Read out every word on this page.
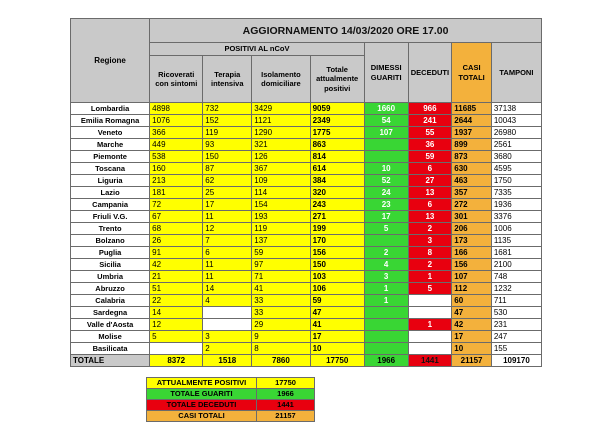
Regione	AGGIORNAMENTO 14/03/2020 ORE 17.00							
	POSITIVI AL nCoV				DIMESSI GUARITI	DECEDUTI	CASI TOTALI	TAMPONI
	Ricoverati con sintomi	Terapia intensiva	Isolamento domiciliare	Totale attualmente positivi				
Lombardia	4898	732	3429	9059	1660	966	11685	37138
Emilia Romagna	1076	152	1121	2349	54	241	2644	10043
Veneto	366	119	1290	1775	107	55	1937	26980
Marche	449	93	321	863		36	899	2561
Piemonte	538	150	126	814		59	873	3680
Toscana	160	87	367	614	10	6	630	4595
Liguria	213	62	109	384	52	27	463	1750
Lazio	181	25	114	320	24	13	357	7335
Campania	72	17	154	243	23	6	272	1936
Friuli V.G.	67	11	193	271	17	13	301	3376
Trento	68	12	119	199	5	2	206	1006
Bolzano	26	7	137	170		3	173	1135
Puglia	91	6	59	156	2	8	166	1681
Sicilia	42	11	97	150	4	2	156	2100
Umbria	21	11	71	103	3	1	107	748
Abruzzo	51	14	41	106	1	5	112	1232
Calabria	22	4	33	59	1		60	711
Sardegna	14		33	47			47	530
Valle d'Aosta	12		29	41		1	42	231
Molise	5	3	9	17			17	247
Basilicata		2	8	10			10	155
TOTALE	8372	1518	7860	17750	1966	1441	21157	109170
ATTUALMENTE POSITIVI	17750
TOTALE GUARITI	1966
TOTALE DECEDUTI	1441
CASI TOTALI	21157
